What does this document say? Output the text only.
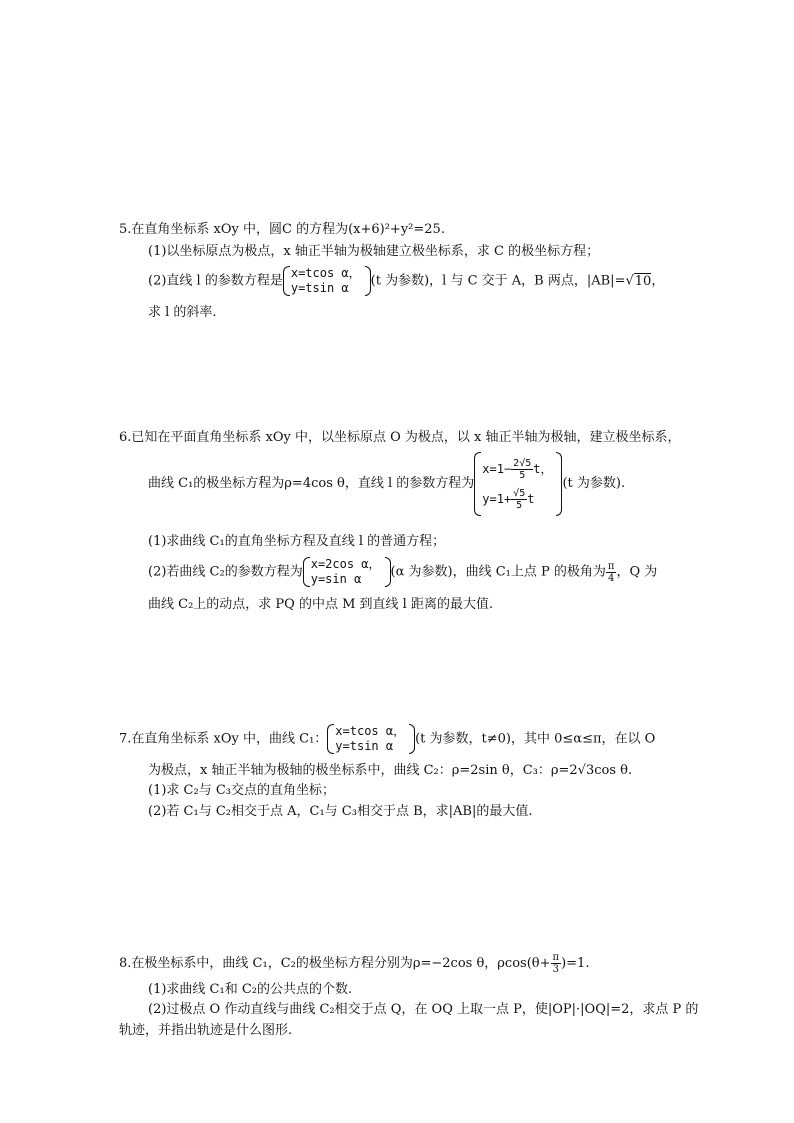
5.在直角坐标系 xOy 中，圆C 的方程为(x+6)²+y²=25.
(1)以坐标原点为极点，x 轴正半轴为极轴建立极坐标系，求 C 的极坐标方程；
(2)直线 l 的参数方程是
x=tcos α，
y=tsin α	(t 为参数)，l 与 C 交于 A，B 两点，|AB|=√10，
求 l 的斜率.
6.已知在平面直角坐标系 xOy 中，以坐标原点 O 为极点，以 x 轴正半轴为极轴，建立极坐标系，
曲线 C₁的极坐标方程为ρ=4cos θ，直线 l 的参数方程为
$x=1- \frac{2√5}{5}$ t，
$y=1+ \frac{√5}{5}$ t
(t 为参数).
(1)求曲线 C₁的直角坐标方程及直线 l 的普通方程；
(2)若曲线 C₂的参数方程为
x=2cos α，
y=sin α	(α 为参数)，曲线 C₁上点 P 的极角为 $\frac{\pi}{4}$ ，Q 为
曲线 C₂上的动点，求 PQ 的中点 M 到直线 l 距离的最大值.
7.在直角坐标系 xOy 中，曲线 C₁：
x=tcos α，
y=tsin α	(t 为参数，t≠0)，其中 0≤α≤π，在以 O
为极点，x 轴正半轴为极轴的极坐标系中，曲线 C₂：ρ=2sin θ，C₃：ρ=2√3cos θ.
(1)求 C₂与 C₃交点的直角坐标；
(2)若 C₁与 C₂相交于点 A，C₁与 C₃相交于点 B，求|AB|的最大值.
8.在极坐标系中，曲线 C₁，C₂的极坐标方程分别为ρ=−2cos θ，$\rho\cos(\theta+ \frac{\pi}{3} )=1$.
(1)求曲线 C₁和 C₂的公共点的个数.
(2)过极点 O 作动直线与曲线 C₂相交于点 Q，在 OQ 上取一点 P，使|OP|·|OQ|=2，求点 P 的
轨迹，并指出轨迹是什么图形.
